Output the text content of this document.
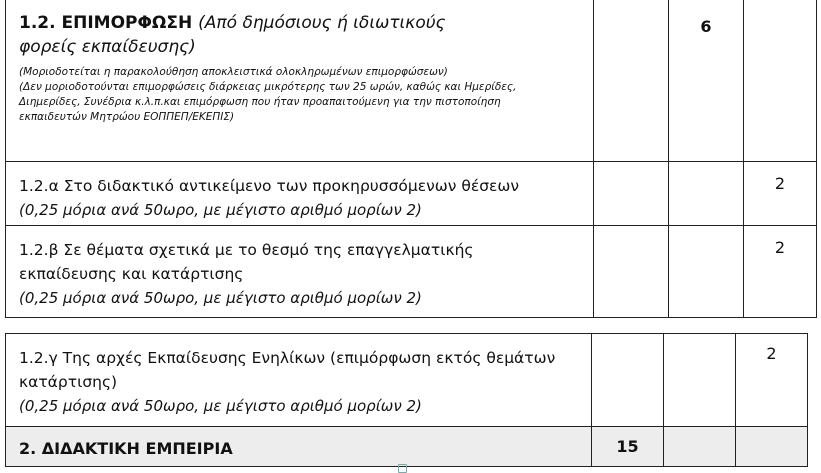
1.2. ΕΠΙΜΟΡΦΩΣΗ (Από δημόσιους ή ιδιωτικούς φορείς εκπαίδευσης)
(Μοριοδοτείται η παρακολούθηση αποκλειστικά ολοκληρωμένων επιμορφώσεων)
(Δεν μοριοδοτούνται επιμορφώσεις διάρκειας μικρότερης των 25 ωρών, καθώς και Ημερίδες,
Διημερίδες, Συνέδρια κ.λ.π.και επιμόρφωση που ήταν προαπαιτούμενη για την πιστοποίηση εκπαιδευτών Μητρώου ΕΟΠΠΕΠ/ΕΚΕΠΙΣ)		6	

1.2.α Στο διδακτικό αντικείμενο των προκηρυσσόμενων θέσεων
(0,25 μόρια ανά 50ωρο, με μέγιστο αριθμό μορίων 2)			2

1.2.β Σε θέματα σχετικά με το θεσμό της επαγγελματικής εκπαίδευσης και κατάρτισης
(0,25 μόρια ανά 50ωρο, με μέγιστο αριθμό μορίων 2)			2
1.2.γ Της αρχές Εκπαίδευσης Ενηλίκων (επιμόρφωση εκτός θεμάτων κατάρτισης)
(0,25 μόρια ανά 50ωρο, με μέγιστο αριθμό μορίων 2)			2
2. ΔΙΔΑΚΤΙΚΗ ΕΜΠΕΙΡΙΑ	15		
